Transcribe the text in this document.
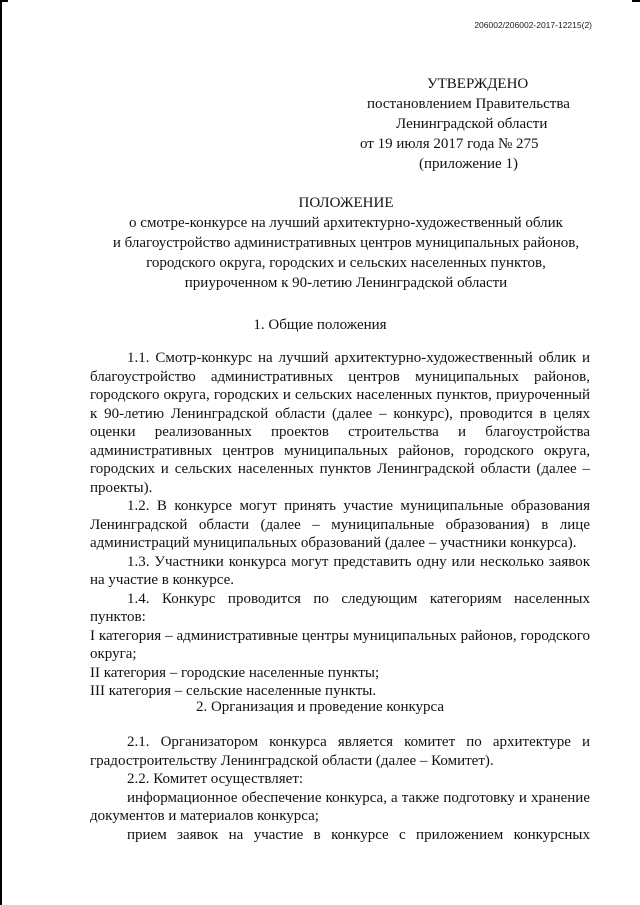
206002/206002-2017-12215(2)
УТВЕРЖДЕНО
постановлением Правительства
Ленинградской области
от 19 июля 2017 года № 275
(приложение 1)
ПОЛОЖЕНИЕ
о смотре-конкурсе на лучший архитектурно-художественный облик
и благоустройство административных центров муниципальных районов,
городского округа, городских и сельских населенных пунктов,
приуроченном к 90-летию Ленинградской области
1. Общие положения
1.1. Смотр-конкурс на лучший архитектурно-художественный облик и благоустройство административных центров муниципальных районов, городского округа, городских и сельских населенных пунктов, приуроченный к 90-летию Ленинградской области (далее – конкурс), проводится в целях оценки реализованных проектов строительства и благоустройства административных центров муниципальных районов, городского округа, городских и сельских населенных пунктов Ленинградской области (далее – проекты).
1.2. В конкурсе могут принять участие муниципальные образования Ленинградской области (далее – муниципальные образования) в лице администраций муниципальных образований (далее – участники конкурса).
1.3. Участники конкурса могут представить одну или несколько заявок на участие в конкурсе.
1.4. Конкурс проводится по следующим категориям населенных пунктов:
I категория – административные центры муниципальных районов, городского округа;
II категория – городские населенные пункты;
III категория – сельские населенные пункты.
2. Организация и проведение конкурса
2.1. Организатором конкурса является комитет по архитектуре и градостроительству Ленинградской области (далее – Комитет).
2.2. Комитет осуществляет:
информационное обеспечение конкурса, а также подготовку и хранение документов и материалов конкурса;
прием заявок на участие в конкурсе с приложением конкурсных
